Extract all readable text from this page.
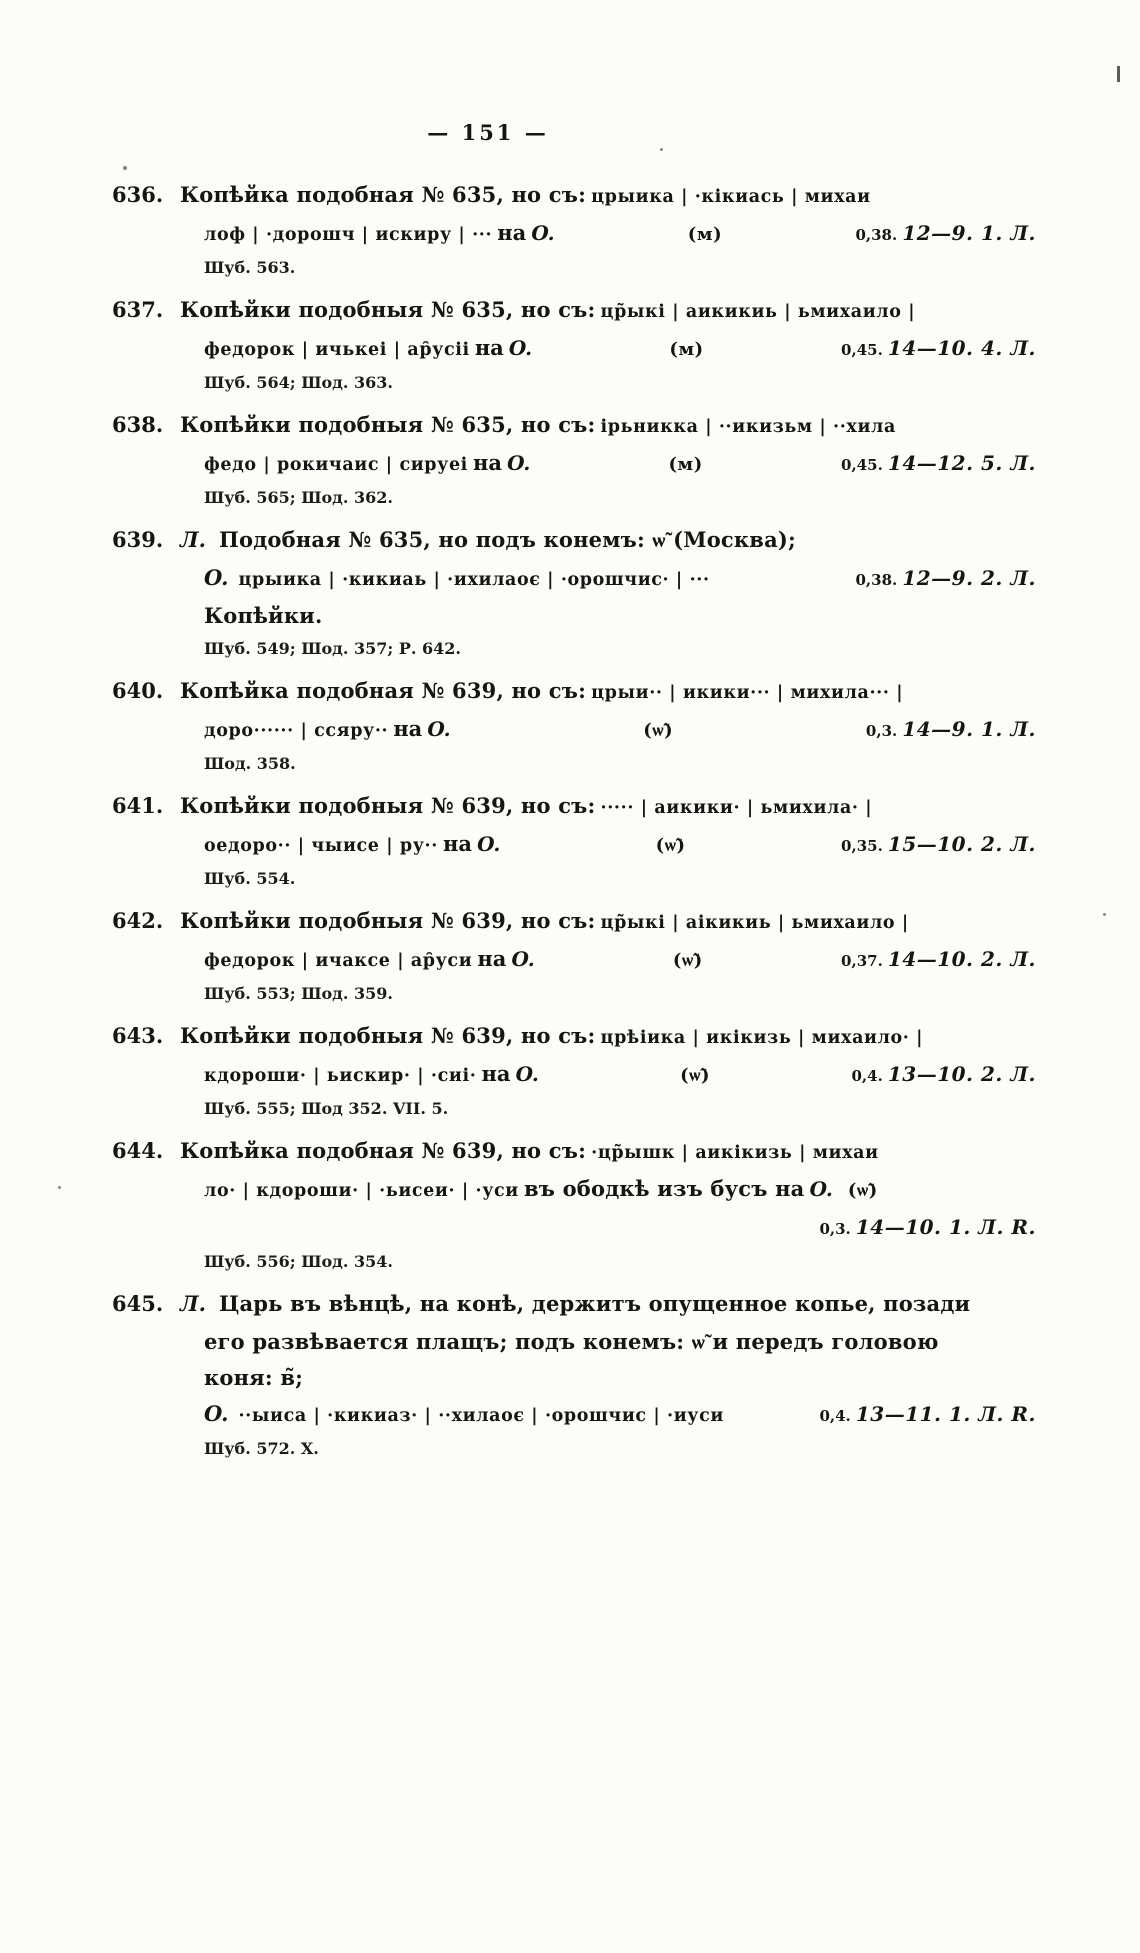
— 151 —
636. Копѣйка подобная № 635, но съ: црыика | ·кікиась | михаи
лоф | ·дорошч | искиру | ··· на O.	(м)	0,38. 12—9. 1. Л.
Шуб. 563.
637. Копѣйки подобныя № 635, но съ: цр̃ыкі | аикикиь | ьмихаило |
федорок | ичькеі | ар̑усіі на O.	(м)	0,45. 14—10. 4. Л.
Шуб. 564; Шод. 363.
638. Копѣйки подобныя № 635, но съ: ірьникка | ··икизьм | ··хила
федо | рокичаис | сируеі на O.	(м)	0,45. 14—12. 5. Л.
Шуб. 565; Шод. 362.
639. Л. Подобная № 635, но подъ конемъ: ѡ̃ (Москва);
O. црыика | ·кикиаь | ·ихилаоє | ·орошчис· | ···	0,38. 12—9. 2. Л.
Копѣйки.
Шуб. 549; Шод. 357; Р. 642.
640. Копѣйка подобная № 639, но съ: црыи·· | икики··· | михила··· |
доро······ | ссяру·· на O.	(ѡ̃)	0,3. 14—9. 1. Л.
Шод. 358.
641. Копѣйки подобныя № 639, но съ: ····· | аикики· | ьмихила· |
оедоро·· | чыисе | ру·· на O.	(ѡ̃)	0,35. 15—10. 2. Л.
Шуб. 554.
642. Копѣйки подобныя № 639, но съ: цр̃ыкі | аікикиь | ьмихаило |
федорок | ичаксе | ар̑уси на O.	(ѡ̃)	0,37. 14—10. 2. Л.
Шуб. 553; Шод. 359.
643. Копѣйки подобныя № 639, но съ: црѣіика | икікизь | михаило· |
кдороши· | ьискир· | ·сиі· на O.	(ѡ̃)	0,4. 13—10. 2. Л.
Шуб. 555; Шод 352. VII. 5.
644. Копѣйка подобная № 639, но съ: ·цр̃ышк | аикікизь | михаи
ло· | кдороши· | ·ьисеи· | ·уси въ ободкѣ изъ бусъ на O. (ѡ̃)
0,3. 14—10. 1. Л. R.
Шуб. 556; Шод. 354.
645. Л. Царь въ вѣнцѣ, на конѣ, держитъ опущенное копье, позади
его развѣвается плащъ; подъ конемъ: ѡ̃ и передъ головою
коня: в̃;
O. ··ыиса | ·кикиаз· | ··хилаоє | ·орошчис | ·иуси	0,4. 13—11. 1. Л. R.
Шуб. 572. X.
